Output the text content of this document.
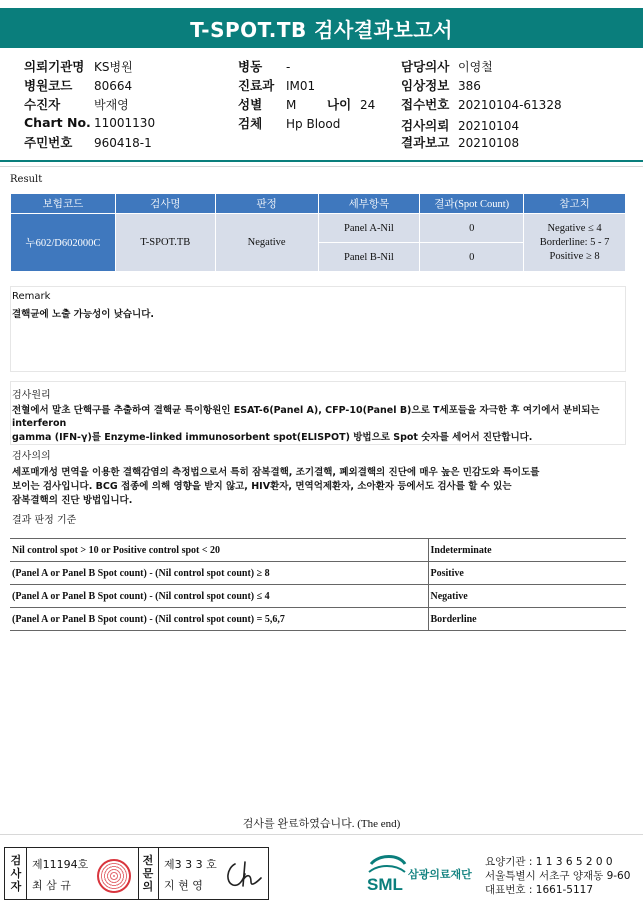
T-SPOT.TB 검사결과보고서
의뢰기관명 KS병원
병원코드 80664
수진자	박재영
Chart No. 11001130
주민번호 960418-1
병동 -
진료과 IM01
성별 M 나이 24
검체 Hp Blood
담당의사 이영철
임상정보 386
접수번호 20210104-61328
검사의뢰 20210104
결과보고 20210108
Result
보험코드	검사명	판정	세부항목	결과(Spot Count)	참고치
누602/D602000C	T-SPOT.TB	Negative	Panel A-Nil	0	Negative ≤ 4
Borderline: 5 - 7
Positive ≥ 8

			Panel B-Nil	0	
Remark
결핵균에 노출 가능성이 낮습니다.
검사원리
전혈에서 말초 단핵구를 추출하여 결핵균 특이항원인 ESAT-6(Panel A), CFP-10(Panel B)으로 T세포들을 자극한 후 여기에서 분비되는 interferon
gamma (IFN-γ)를 Enzyme-linked immunosorbent spot(ELISPOT) 방법으로 Spot 숫자를 세어서 진단합니다.
검사의의
세포매개성 면역을 이용한 결핵감염의 측정법으로서 특히 잠복결핵, 조기결핵, 폐외결핵의 진단에 매우 높은 민감도와 특이도를
보이는 검사입니다. BCG 접종에 의해 영향을 받지 않고, HIV환자, 면역억제환자, 소아환자 등에서도 검사를 할 수 있는
잠복결핵의 진단 방법입니다.
결과 판정 기준
Nil control spot > 10 or Positive control spot < 20	Indeterminate
(Panel A or Panel B Spot count) - (Nil control spot count) ≥ 8	Positive
(Panel A or Panel B Spot count) - (Nil control spot count) ≤ 4	Negative
(Panel A or Panel B Spot count) - (Nil control spot count) = 5,6,7	Borderline
검사를 완료하였습니다. (The end)
검
사
자
제11194호
최 삼 규
전
문
의
제3 3 3 호
지 현 영	SML
삼광의료재단
요양기관 : 1 1 3 6 5 2 0 0
서울특별시 서초구 양재동 9-60
대표번호 : 1661-5117
